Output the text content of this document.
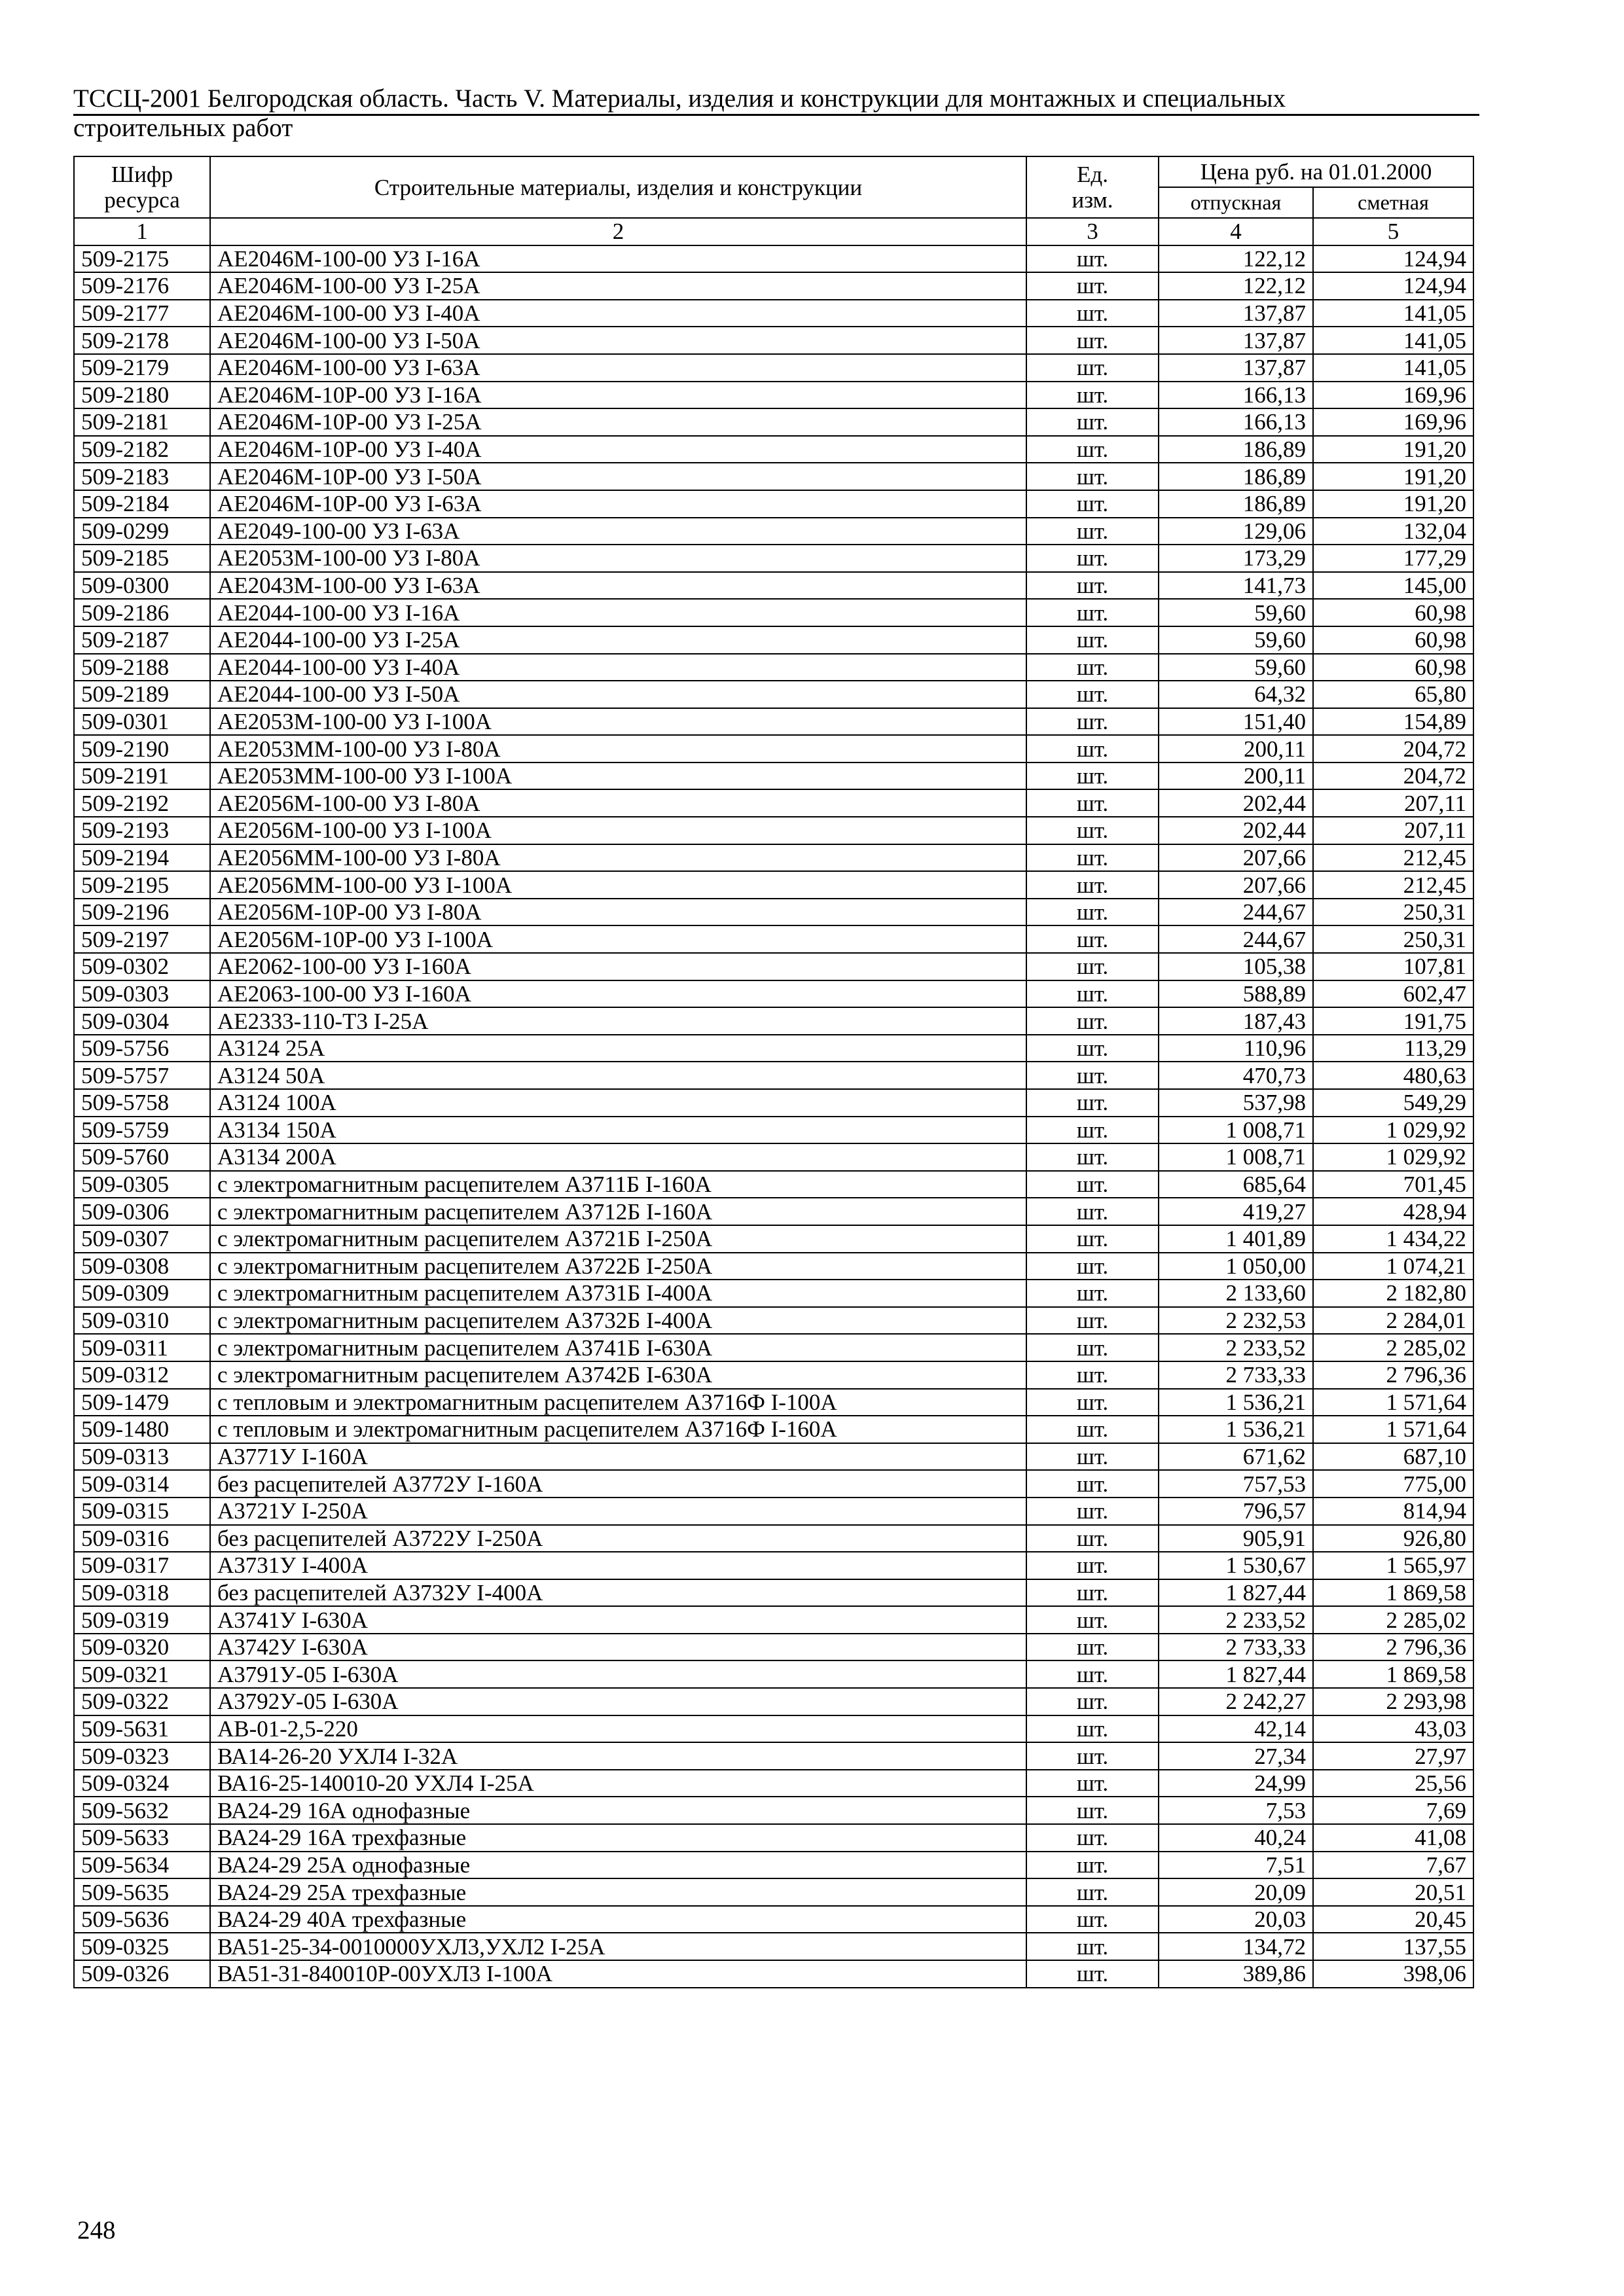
ТССЦ-2001 Белгородская область. Часть V. Материалы, изделия и конструкции для монтажных и специальных
строительных работ
Шифр ресурса	Строительные материалы, изделия и конструкции	Ед. изм.	Цена руб. на 01.01.2000	
			отпускная	сметная
1	2	3	4	5
509-2175	АЕ2046М-100-00 УЗ I-16А	шт.	122,12	124,94
509-2176	АЕ2046М-100-00 УЗ I-25А	шт.	122,12	124,94
509-2177	АЕ2046М-100-00 УЗ I-40А	шт.	137,87	141,05
509-2178	АЕ2046М-100-00 УЗ I-50А	шт.	137,87	141,05
509-2179	АЕ2046М-100-00 УЗ I-63А	шт.	137,87	141,05
509-2180	АЕ2046М-10Р-00 УЗ I-16А	шт.	166,13	169,96
509-2181	АЕ2046М-10Р-00 УЗ I-25А	шт.	166,13	169,96
509-2182	АЕ2046М-10Р-00 УЗ I-40А	шт.	186,89	191,20
509-2183	АЕ2046М-10Р-00 УЗ I-50А	шт.	186,89	191,20
509-2184	АЕ2046М-10Р-00 УЗ I-63А	шт.	186,89	191,20
509-0299	АЕ2049-100-00 УЗ I-63А	шт.	129,06	132,04
509-2185	АЕ2053М-100-00 УЗ I-80А	шт.	173,29	177,29
509-0300	АЕ2043М-100-00 УЗ I-63А	шт.	141,73	145,00
509-2186	АЕ2044-100-00 УЗ I-16А	шт.	59,60	60,98
509-2187	АЕ2044-100-00 УЗ I-25А	шт.	59,60	60,98
509-2188	АЕ2044-100-00 УЗ I-40А	шт.	59,60	60,98
509-2189	АЕ2044-100-00 УЗ I-50А	шт.	64,32	65,80
509-0301	АЕ2053М-100-00 УЗ I-100А	шт.	151,40	154,89
509-2190	АЕ2053ММ-100-00 УЗ I-80А	шт.	200,11	204,72
509-2191	АЕ2053ММ-100-00 УЗ I-100А	шт.	200,11	204,72
509-2192	АЕ2056М-100-00 УЗ I-80А	шт.	202,44	207,11
509-2193	АЕ2056М-100-00 УЗ I-100А	шт.	202,44	207,11
509-2194	АЕ2056ММ-100-00 УЗ I-80А	шт.	207,66	212,45
509-2195	АЕ2056ММ-100-00 УЗ I-100А	шт.	207,66	212,45
509-2196	АЕ2056М-10Р-00 УЗ I-80А	шт.	244,67	250,31
509-2197	АЕ2056М-10Р-00 УЗ I-100А	шт.	244,67	250,31
509-0302	АЕ2062-100-00 УЗ I-160А	шт.	105,38	107,81
509-0303	АЕ2063-100-00 УЗ I-160А	шт.	588,89	602,47
509-0304	АЕ2333-110-Т3 I-25А	шт.	187,43	191,75
509-5756	А3124 25А	шт.	110,96	113,29
509-5757	А3124 50А	шт.	470,73	480,63
509-5758	А3124 100А	шт.	537,98	549,29
509-5759	А3134 150А	шт.	1 008,71	1 029,92
509-5760	А3134 200А	шт.	1 008,71	1 029,92
509-0305	с электромагнитным расцепителем А3711Б I-160А	шт.	685,64	701,45
509-0306	с электромагнитным расцепителем А3712Б I-160А	шт.	419,27	428,94
509-0307	с электромагнитным расцепителем А3721Б I-250А	шт.	1 401,89	1 434,22
509-0308	с электромагнитным расцепителем А3722Б I-250А	шт.	1 050,00	1 074,21
509-0309	с электромагнитным расцепителем А3731Б I-400А	шт.	2 133,60	2 182,80
509-0310	с электромагнитным расцепителем А3732Б I-400А	шт.	2 232,53	2 284,01
509-0311	с электромагнитным расцепителем А3741Б I-630А	шт.	2 233,52	2 285,02
509-0312	с электромагнитным расцепителем А3742Б I-630А	шт.	2 733,33	2 796,36
509-1479	с тепловым и электромагнитным расцепителем А3716Ф I-100А	шт.	1 536,21	1 571,64
509-1480	с тепловым и электромагнитным расцепителем А3716Ф I-160А	шт.	1 536,21	1 571,64
509-0313	А3771У I-160А	шт.	671,62	687,10
509-0314	без расцепителей А3772У I-160А	шт.	757,53	775,00
509-0315	А3721У I-250А	шт.	796,57	814,94
509-0316	без расцепителей А3722У I-250А	шт.	905,91	926,80
509-0317	А3731У I-400А	шт.	1 530,67	1 565,97
509-0318	без расцепителей А3732У I-400А	шт.	1 827,44	1 869,58
509-0319	А3741У I-630А	шт.	2 233,52	2 285,02
509-0320	А3742У I-630А	шт.	2 733,33	2 796,36
509-0321	А3791У-05 I-630А	шт.	1 827,44	1 869,58
509-0322	А3792У-05 I-630А	шт.	2 242,27	2 293,98
509-5631	АВ-01-2,5-220	шт.	42,14	43,03
509-0323	ВА14-26-20 УХЛ4 I-32А	шт.	27,34	27,97
509-0324	ВА16-25-140010-20 УХЛ4 I-25А	шт.	24,99	25,56
509-5632	ВА24-29 16А однофазные	шт.	7,53	7,69
509-5633	ВА24-29 16А трехфазные	шт.	40,24	41,08
509-5634	ВА24-29 25А однофазные	шт.	7,51	7,67
509-5635	ВА24-29 25А трехфазные	шт.	20,09	20,51
509-5636	ВА24-29 40А трехфазные	шт.	20,03	20,45
509-0325	ВА51-25-34-0010000УХЛ3,УХЛ2 I-25А	шт.	134,72	137,55
509-0326	ВА51-31-840010Р-00УХЛ3 I-100А	шт.	389,86	398,06
248
